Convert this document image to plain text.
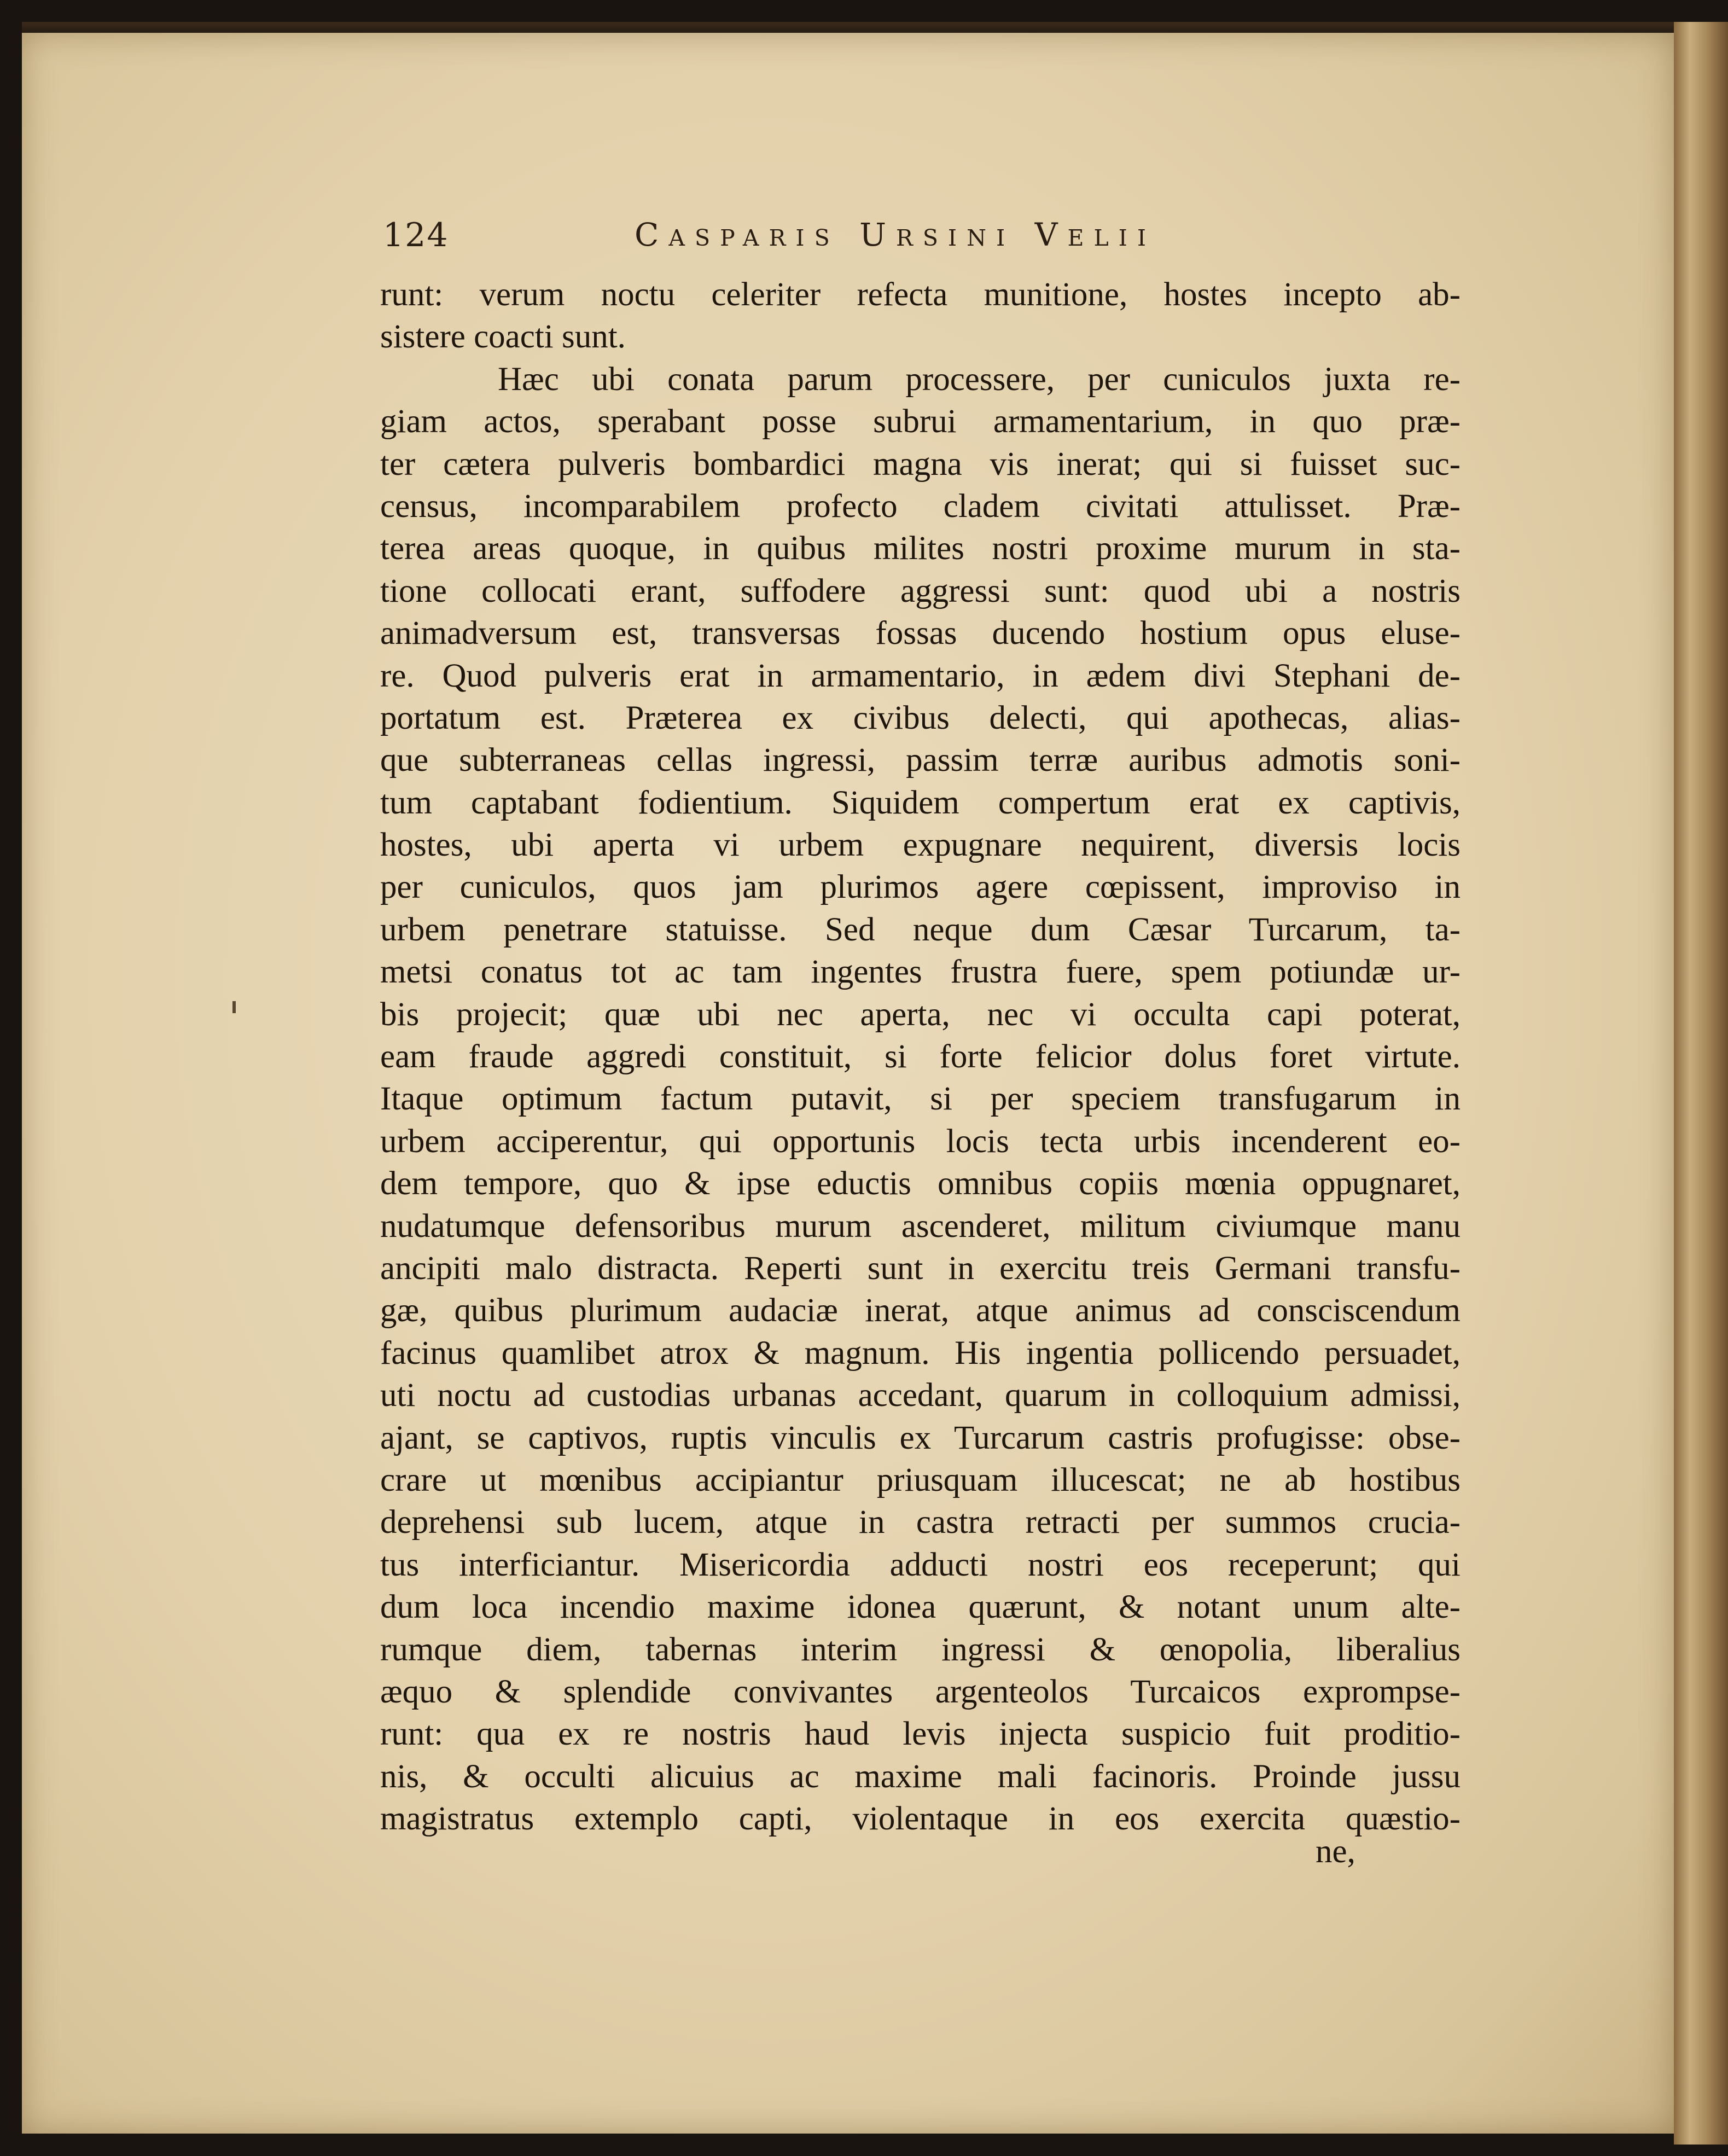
124	Casparis Ursini Velii
runt: verum noctu celeriter refecta munitione, hostes incepto ab-
sistere coacti sunt.
Hæc ubi conata parum processere, per cuniculos juxta re-
giam actos, sperabant posse subrui armamentarium, in quo præ-
ter cætera pulveris bombardici magna vis inerat; qui si fuisset suc-
census, incomparabilem profecto cladem civitati attulisset. Præ-
terea areas quoque, in quibus milites nostri proxime murum in sta-
tione collocati erant, suffodere aggressi sunt: quod ubi a nostris
animadversum est, transversas fossas ducendo hostium opus eluse-
re. Quod pulveris erat in armamentario, in ædem divi Stephani de-
portatum est. Præterea ex civibus delecti, qui apothecas, alias-
que subterraneas cellas ingressi, passim terræ auribus admotis soni-
tum captabant fodientium. Siquidem compertum erat ex captivis,
hostes, ubi aperta vi urbem expugnare nequirent, diversis locis
per cuniculos, quos jam plurimos agere cœpissent, improviso in
urbem penetrare statuisse. Sed neque dum Cæsar Turcarum, ta-
metsi conatus tot ac tam ingentes frustra fuere, spem potiundæ ur-
bis projecit; quæ ubi nec aperta, nec vi occulta capi poterat,
eam fraude aggredi constituit, si forte felicior dolus foret virtute.
Itaque optimum factum putavit, si per speciem transfugarum in
urbem acciperentur, qui opportunis locis tecta urbis incenderent eo-
dem tempore, quo & ipse eductis omnibus copiis mœnia oppugnaret,
nudatumque defensoribus murum ascenderet, militum civiumque manu
ancipiti malo distracta. Reperti sunt in exercitu treis Germani transfu-
gæ, quibus plurimum audaciæ inerat, atque animus ad consciscendum
facinus quamlibet atrox & magnum. His ingentia pollicendo persuadet,
uti noctu ad custodias urbanas accedant, quarum in colloquium admissi,
ajant, se captivos, ruptis vinculis ex Turcarum castris profugisse: obse-
crare ut mœnibus accipiantur priusquam illucescat; ne ab hostibus
deprehensi sub lucem, atque in castra retracti per summos crucia-
tus interficiantur. Misericordia adducti nostri eos receperunt; qui
dum loca incendio maxime idonea quærunt, & notant unum alte-
rumque diem, tabernas interim ingressi & œnopolia, liberalius
æquo & splendide convivantes argenteolos Turcaicos exprompse-
runt: qua ex re nostris haud levis injecta suspicio fuit proditio-
nis, & occulti alicuius ac maxime mali facinoris. Proinde jussu
magistratus extemplo capti, violentaque in eos exercita quæstio-
ne,
